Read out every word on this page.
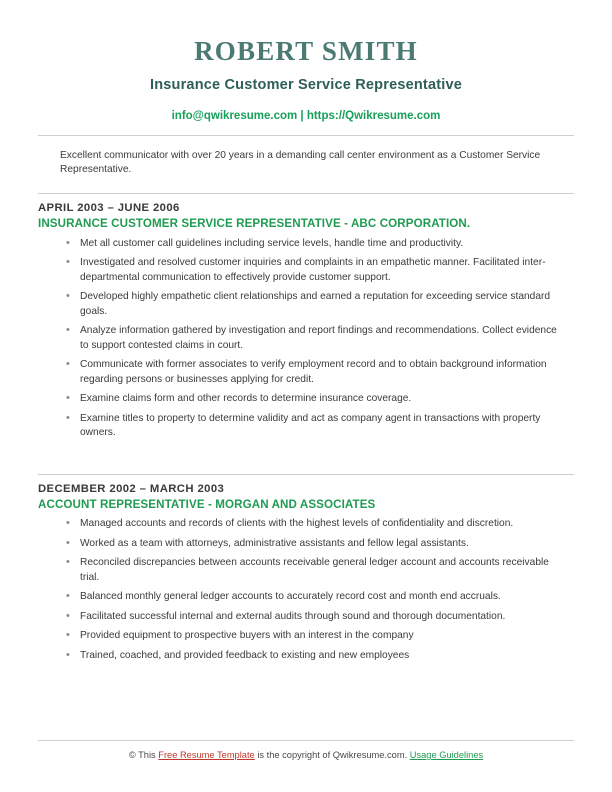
ROBERT SMITH
Insurance Customer Service Representative
info@qwikresume.com | https://Qwikresume.com

Excellent communicator with over 20 years in a demanding call center environment as a Customer Service Representative.

APRIL 2003 – JUNE 2006
INSURANCE CUSTOMER SERVICE REPRESENTATIVE - ABC CORPORATION.
• Met all customer call guidelines including service levels, handle time and productivity.
• Investigated and resolved customer inquiries and complaints in an empathetic manner. Facilitated inter-departmental communication to effectively provide customer support.
• Developed highly empathetic client relationships and earned a reputation for exceeding service standard goals.
• Analyze information gathered by investigation and report findings and recommendations. Collect evidence to support contested claims in court.
• Communicate with former associates to verify employment record and to obtain background information regarding persons or businesses applying for credit.
• Examine claims form and other records to determine insurance coverage.
• Examine titles to property to determine validity and act as company agent in transactions with property owners.
DECEMBER 2002 – MARCH 2003
ACCOUNT REPRESENTATIVE - MORGAN AND ASSOCIATES
• Managed accounts and records of clients with the highest levels of confidentiality and discretion.
• Worked as a team with attorneys, administrative assistants and fellow legal assistants.
• Reconciled discrepancies between accounts receivable general ledger account and accounts receivable trial.
• Balanced monthly general ledger accounts to accurately record cost and month end accruals.
• Facilitated successful internal and external audits through sound and thorough documentation.
• Provided equipment to prospective buyers with an interest in the company
• Trained, coached, and provided feedback to existing and new employees
© This Free Resume Template is the copyright of Qwikresume.com. Usage Guidelines
